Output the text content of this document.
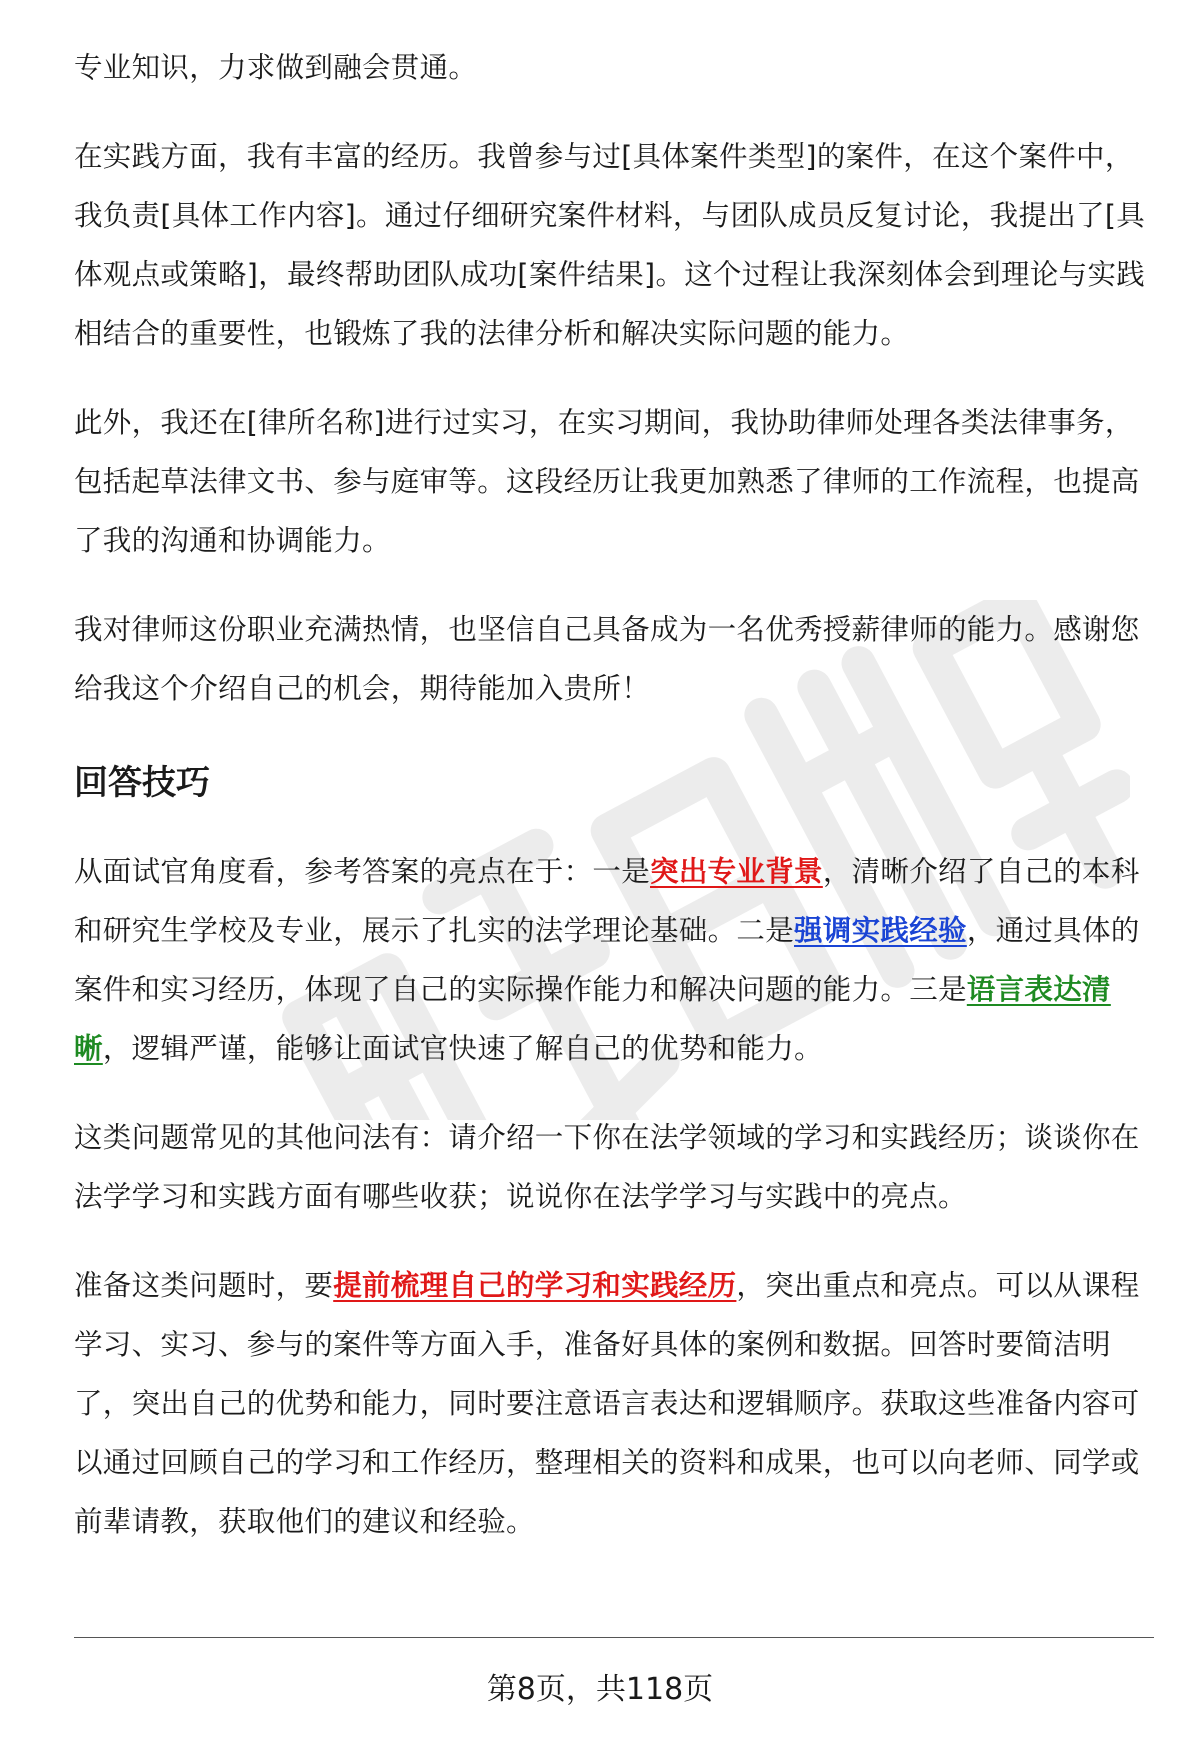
专业知识，力求做到融会贯通。

在实践方面，我有丰富的经历。我曾参与过[具体案件类型]的案件，在这个案件中，我负责[具体工作内容]。通过仔细研究案件材料，与团队成员反复讨论，我提出了[具体观点或策略]，最终帮助团队成功[案件结果]。这个过程让我深刻体会到理论与实践相结合的重要性，也锻炼了我的法律分析和解决实际问题的能力。

此外，我还在[律所名称]进行过实习，在实习期间，我协助律师处理各类法律事务，包括起草法律文书、参与庭审等。这段经历让我更加熟悉了律师的工作流程，也提高了我的沟通和协调能力。

我对律师这份职业充满热情，也坚信自己具备成为一名优秀授薪律师的能力。感谢您给我这个介绍自己的机会，期待能加入贵所！

回答技巧

从面试官角度看，参考答案的亮点在于：一是突出专业背景，清晰介绍了自己的本科和研究生学校及专业，展示了扎实的法学理论基础。二是强调实践经验，通过具体的案件和实习经历，体现了自己的实际操作能力和解决问题的能力。三是语言表达清晰，逻辑严谨，能够让面试官快速了解自己的优势和能力。

这类问题常见的其他问法有：请介绍一下你在法学领域的学习和实践经历；谈谈你在法学学习和实践方面有哪些收获；说说你在法学学习与实践中的亮点。

准备这类问题时，要提前梳理自己的学习和实践经历，突出重点和亮点。可以从课程学习、实习、参与的案件等方面入手，准备好具体的案例和数据。回答时要简洁明了，突出自己的优势和能力，同时要注意语言表达和逻辑顺序。获取这些准备内容可以通过回顾自己的学习和工作经历，整理相关的资料和成果，也可以向老师、同学或前辈请教，获取他们的建议和经验。

第8页，共118页
